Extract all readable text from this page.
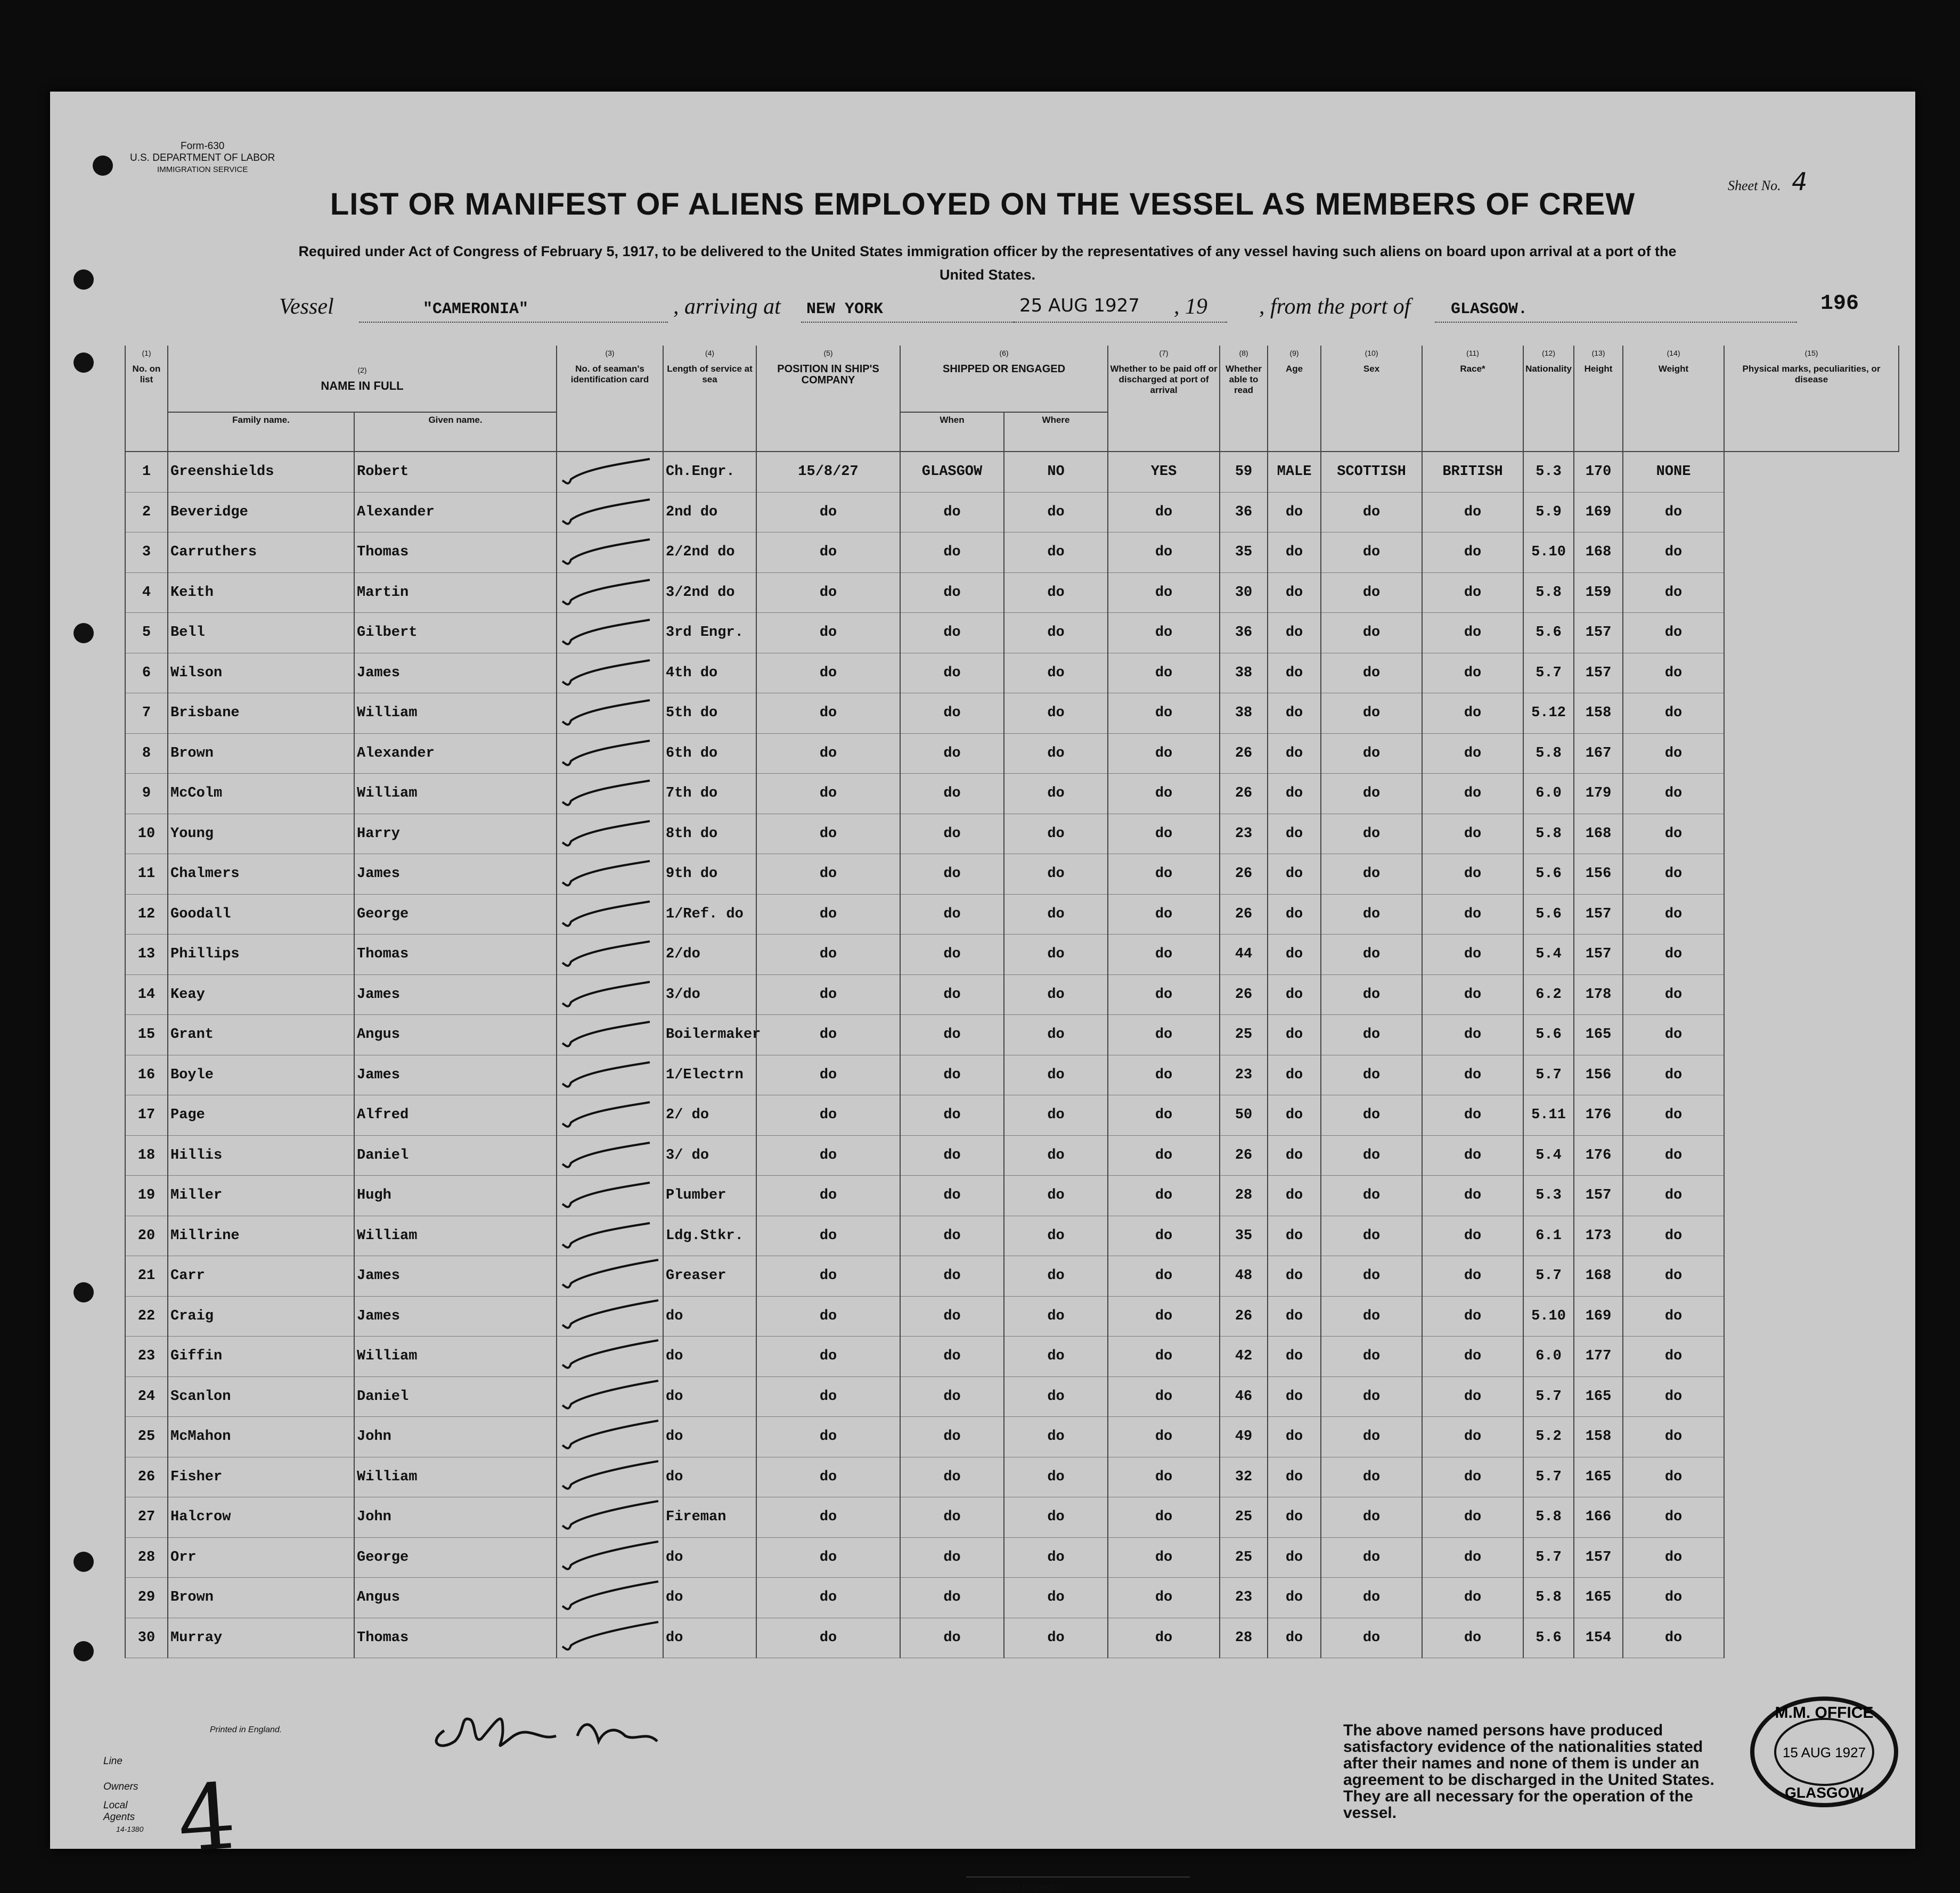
Form-630
U.S. DEPARTMENT OF LABOR
IMMIGRATION SERVICE
Sheet No. 4
LIST OR MANIFEST OF ALIENS EMPLOYED ON THE VESSEL AS MEMBERS OF CREW
Required under Act of Congress of February 5, 1917, to be delivered to the United States immigration officer by the representatives of any vessel having such aliens on board upon arrival at a port of the United States.
Vessel	"CAMERONIA"	, arriving at NEW YORK	25 AUG 1927 , 19 , from the port of	GLASGOW.	196
(1)
No. on list	(2)
NAME IN FULL		(3)
No. of seaman's identification card	(4)
Length of service at sea	(5)
POSITION IN SHIP'S COMPANY	(6)
SHIPPED OR ENGAGED		(7)
Whether to be paid off or discharged at port of arrival	(8)
Whether able to read	(9)
Age	(10)
Sex	(11)
Race*	(12)
Nationality	(13)
Height	(14)
Weight	(15)
Physical marks, peculiarities, or disease
	Family name.	Given name.				When	Where									
1	Greenshields	Robert		Ch.Engr.	15/8/27	GLASGOW	NO	YES	59	MALE	SCOTTISH	BRITISH	5.3	170	NONE	
2	Beveridge	Alexander		2nd do	do	do	do	do	36	do	do	do	5.9	169	do	
3	Carruthers	Thomas		2/2nd do	do	do	do	do	35	do	do	do	5.10	168	do	
4	Keith	Martin		3/2nd do	do	do	do	do	30	do	do	do	5.8	159	do	
5	Bell	Gilbert		3rd Engr.	do	do	do	do	36	do	do	do	5.6	157	do	
6	Wilson	James		4th do	do	do	do	do	38	do	do	do	5.7	157	do	
7	Brisbane	William		5th do	do	do	do	do	38	do	do	do	5.12	158	do	
8	Brown	Alexander		6th do	do	do	do	do	26	do	do	do	5.8	167	do	
9	McColm	William		7th do	do	do	do	do	26	do	do	do	6.0	179	do	
10	Young	Harry		8th do	do	do	do	do	23	do	do	do	5.8	168	do	
11	Chalmers	James		9th do	do	do	do	do	26	do	do	do	5.6	156	do	
12	Goodall	George		1/Ref. do	do	do	do	do	26	do	do	do	5.6	157	do	
13	Phillips	Thomas		2/do	do	do	do	do	44	do	do	do	5.4	157	do	
14	Keay	James		3/do	do	do	do	do	26	do	do	do	6.2	178	do	
15	Grant	Angus		Boilermaker	do	do	do	do	25	do	do	do	5.6	165	do	
16	Boyle	James		1/Electrn	do	do	do	do	23	do	do	do	5.7	156	do	
17	Page	Alfred		2/ do	do	do	do	do	50	do	do	do	5.11	176	do	
18	Hillis	Daniel		3/ do	do	do	do	do	26	do	do	do	5.4	176	do	
19	Miller	Hugh		Plumber	do	do	do	do	28	do	do	do	5.3	157	do	
20	Millrine	William		Ldg.Stkr.	do	do	do	do	35	do	do	do	6.1	173	do	
21	Carr	James		Greaser	do	do	do	do	48	do	do	do	5.7	168	do	
22	Craig	James		do	do	do	do	do	26	do	do	do	5.10	169	do	
23	Giffin	William		do	do	do	do	do	42	do	do	do	6.0	177	do	
24	Scanlon	Daniel		do	do	do	do	do	46	do	do	do	5.7	165	do	
25	McMahon	John		do	do	do	do	do	49	do	do	do	5.2	158	do	
26	Fisher	William		do	do	do	do	do	32	do	do	do	5.7	165	do	
27	Halcrow	John		Fireman	do	do	do	do	25	do	do	do	5.8	166	do	
28	Orr	George		do	do	do	do	do	25	do	do	do	5.7	157	do	
29	Brown	Angus		do	do	do	do	do	23	do	do	do	5.8	165	do	
30	Murray	Thomas		do	do	do	do	do	28	do	do	do	5.6	154	do	
Printed in England.
Line
Owners
Local Agents
14-1380 4
Immigrant Inspector.
The above named persons have produced satisfactory evidence of the nationalities stated after their names and none of them is under an agreement to be discharged in the United States. They are all necessary for the operation of the vessel.
M.M. OFFICE
15 AUG 1927
GLASGOW
